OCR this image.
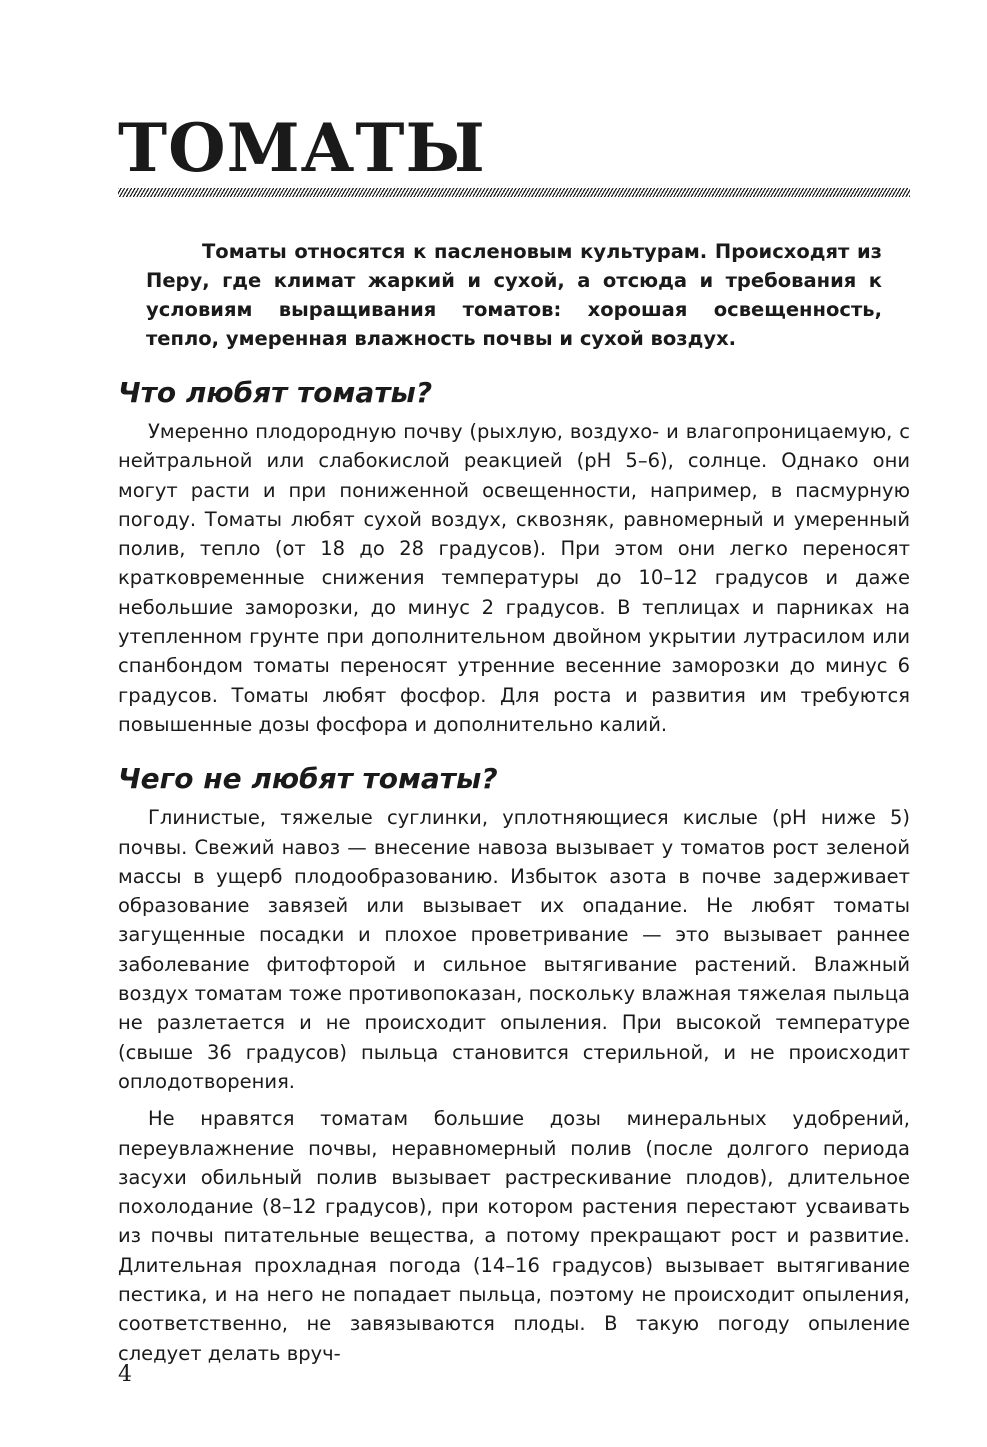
ТОМАТЫ

Томаты относятся к пасленовым культурам. Происходят из Перу, где климат жаркий и сухой, а отсюда и требования к условиям выращивания томатов: хорошая освещенность, тепло, умеренная влажность почвы и сухой воздух.

Что любят томаты?

Умеренно плодородную почву (рыхлую, воздухо- и влагопроницаемую, с нейтральной или слабокислой реакцией (pH 5–6), солнце. Однако они могут расти и при пониженной освещенности, например, в пасмурную погоду. Томаты любят сухой воздух, сквозняк, равномерный и умеренный полив, тепло (от 18 до 28 градусов). При этом они легко переносят кратковременные снижения температуры до 10–12 градусов и даже небольшие заморозки, до минус 2 градусов. В теплицах и парниках на утепленном грунте при дополнительном двойном укрытии лутрасилом или спанбондом томаты переносят утренние весенние заморозки до минус 6 градусов. Томаты любят фосфор. Для роста и развития им требуются повышенные дозы фосфора и дополнительно калий.

Чего не любят томаты?

Глинистые, тяжелые суглинки, уплотняющиеся кислые (pH ниже 5) почвы. Свежий навоз — внесение навоза вызывает у томатов рост зеленой массы в ущерб плодообразованию. Избыток азота в почве задерживает образование завязей или вызывает их опадание. Не любят томаты загущенные посадки и плохое проветривание — это вызывает раннее заболевание фитофторой и сильное вытягивание растений. Влажный воздух томатам тоже противопоказан, поскольку влажная тяжелая пыльца не разлетается и не происходит опыления. При высокой температуре (свыше 36 градусов) пыльца становится стерильной, и не происходит оплодотворения.

Не нравятся томатам большие дозы минеральных удобрений, переувлажнение почвы, неравномерный полив (после долгого периода засухи обильный полив вызывает растрескивание плодов), длительное похолодание (8–12 градусов), при котором растения перестают усваивать из почвы питательные вещества, а потому прекращают рост и развитие. Длительная прохладная погода (14–16 градусов) вызывает вытягивание пестика, и на него не попадает пыльца, поэтому не происходит опыления, соответственно, не завязываются плоды. В такую погоду опыление следует делать вруч-

4
